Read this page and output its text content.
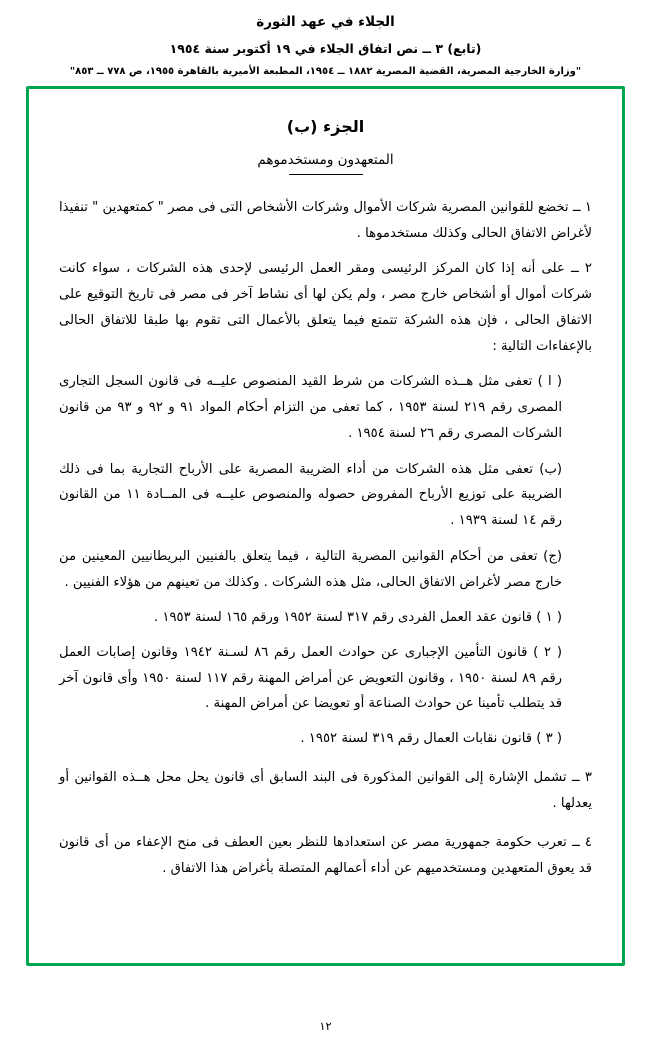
الجلاء في عهد الثورة
(تابع) ٣ ــ نص اتفاق الجلاء في ١٩ أكتوبر سنة ١٩٥٤
"وزارة الخارجية المصرية، القضية المصرية ١٨٨٢ ــ ١٩٥٤، المطبعة الأميرية بالقاهرة ١٩٥٥، ص ٧٧٨ ــ ٨٥٣"
الجزء (ب)
المتعهدون ومستخدموهم

١ ــ تخضع للقوانين المصرية شركات الأموال وشركات الأشخاص التى فى مصر " كمتعهدين " تنفيذا لأغراض الاتفاق الحالى وكذلك مستخدموها .

٢ ــ على أنه إذا كان المركز الرئيسى ومقر العمل الرئيسى لإحدى هذه الشركات ، سواء كانت شركات أموال أو أشخاص خارج مصر ، ولم يكن لها أى نشاط آخر فى مصر فى تاريخ التوقيع على الاتفاق الحالى ، فإن هذه الشركة تتمتع فيما يتعلق بالأعمال التى تقوم بها طبقا للاتفاق الحالى بالإعفاءات التالية :

( ا ) تعفى مثل هــذه الشركات من شرط القيد المنصوص عليــه فى قانون السجل التجارى المصرى رقم ٢١٩ لسنة ١٩٥٣ ، كما تعفى من التزام أحكام المواد ٩١ و ٩٢ و ٩٣ من قانون الشركات المصرى رقم ٢٦ لسنة ١٩٥٤ .

(ب) تعفى مثل هذه الشركات من أداء الضريبة المصرية على الأرباح التجارية بما فى ذلك الضريبة على توزيع الأرباح المفروض حصوله والمنصوص عليــه فى المــادة ١١ من القانون رقم ١٤ لسنة ١٩٣٩ .

(ج) تعفى من أحكام القوانين المصرية التالية ، فيما يتعلق بالفنيين البريطانيين المعينين من خارج مصر لأغراض الاتفاق الحالى، مثل هذه الشركات . وكذلك من تعينهم من هؤلاء الفنيين .

( ١ ) قانون عقد العمل الفردى رقم ٣١٧ لسنة ١٩٥٢ ورقم ١٦٥ لسنة ١٩٥٣ .

( ٢ ) قانون التأمين الإجبارى عن حوادث العمل رقم ٨٦ لسـنة ١٩٤٢ وقانون إصابات العمل رقم ٨٩ لسنة ١٩٥٠ ، وقانون التعويض عن أمراض المهنة رقم ١١٧ لسنة ١٩٥٠ وأى قانون آخر قد يتطلب تأمينا عن حوادث الصناعة أو تعويضا عن أمراض المهنة .

( ٣ ) قانون نقابات العمال رقم ٣١٩ لسنة ١٩٥٢ .

٣ ــ تشمل الإشارة إلى القوانين المذكورة فى البند السابق أى قانون يحل محل هــذه القوانين أو يعدلها .

٤ ــ تعرب حكومة جمهورية مصر عن استعدادها للنظر بعين العطف فى منح الإعفاء من أى قانون قد يعوق المتعهدين ومستخدميهم عن أداء أعمالهم المتصلة بأغراض هذا الاتفاق .

١٢
